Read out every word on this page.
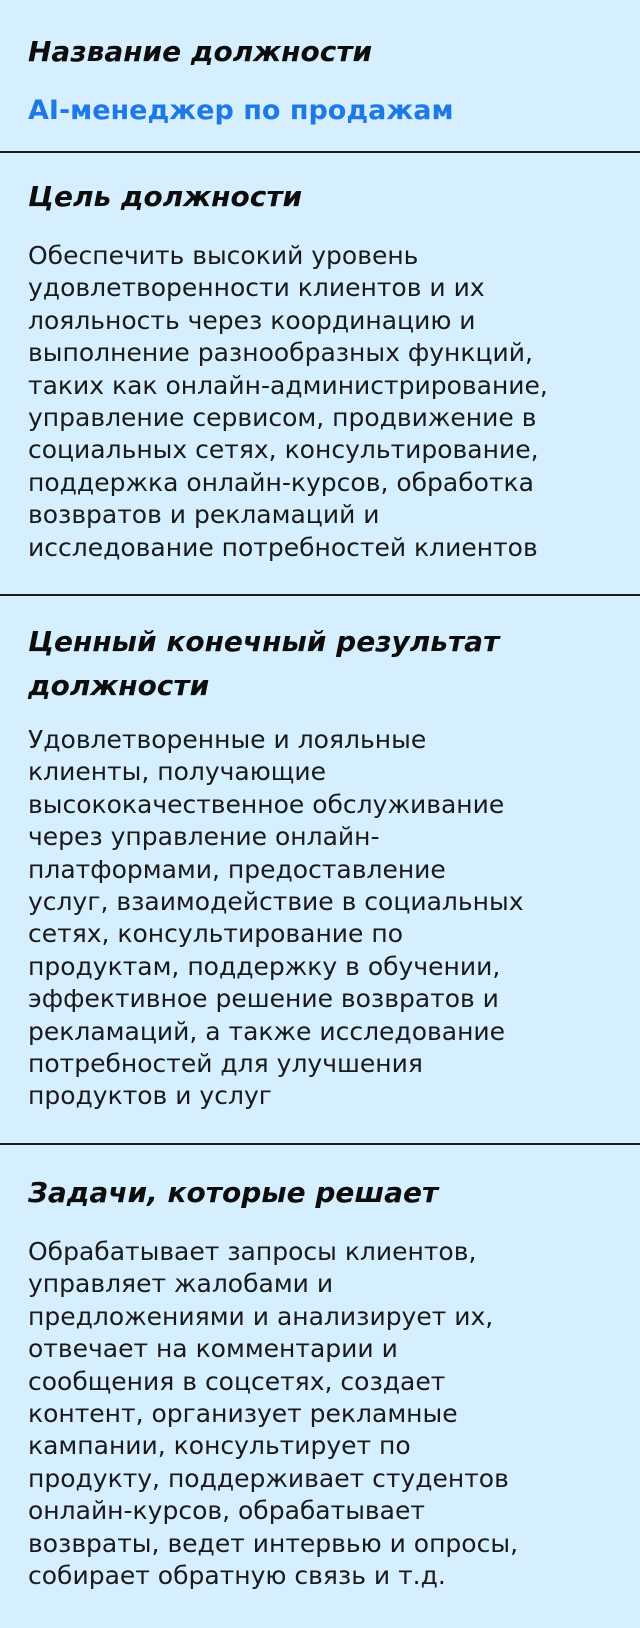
Название должности

AI-менеджер по продажам

Цель должности

Обеспечить высокий уровень
удовлетворенности клиентов и их
лояльность через координацию и
выполнение разнообразных функций,
таких как онлайн-администрирование,
управление сервисом, продвижение в
социальных сетях, консультирование,
поддержка онлайн-курсов, обработка
возвратов и рекламаций и
исследование потребностей клиентов

Ценный конечный результат
должности

Удовлетворенные и лояльные
клиенты, получающие
высококачественное обслуживание
через управление онлайн-
платформами, предоставление
услуг, взаимодействие в социальных
сетях, консультирование по
продуктам, поддержку в обучении,
эффективное решение возвратов и
рекламаций, а также исследование
потребностей для улучшения
продуктов и услуг

Задачи, которые решает

Обрабатывает запросы клиентов,
управляет жалобами и
предложениями и анализирует их,
отвечает на комментарии и
сообщения в соцсетях, создает
контент, организует рекламные
кампании, консультирует по
продукту, поддерживает студентов
онлайн-курсов, обрабатывает
возвраты, ведет интервью и опросы,
собирает обратную связь и т.д.
